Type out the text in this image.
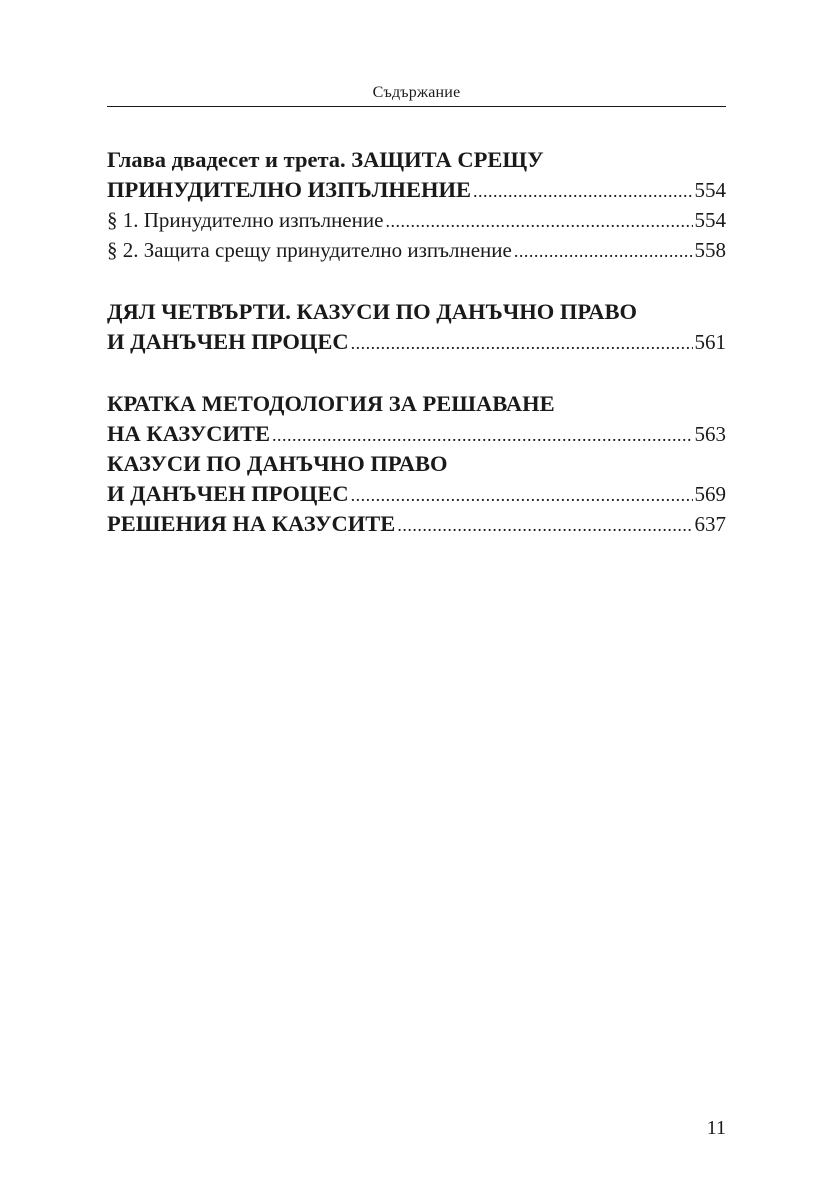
Съдържание
Глава двадесет и трета. ЗАЩИТА СРЕЩУ
ПРИНУДИТЕЛНО ИЗПЪЛНЕНИЕ .....	554
§ 1. Принудително изпълнение .....	554
§ 2. Защита срещу принудително изпълнение .....	558
ДЯЛ ЧЕТВЪРТИ. КАЗУСИ ПО ДАНЪЧНО ПРАВО
И ДАНЪЧЕН ПРОЦЕС .....	561
КРАТКА МЕТОДОЛОГИЯ ЗА РЕШАВАНЕ
НА КАЗУСИТЕ .....	563
КАЗУСИ ПО ДАНЪЧНО ПРАВО
И ДАНЪЧЕН ПРОЦЕС .....	569
РЕШЕНИЯ НА КАЗУСИТЕ .....	637
11
